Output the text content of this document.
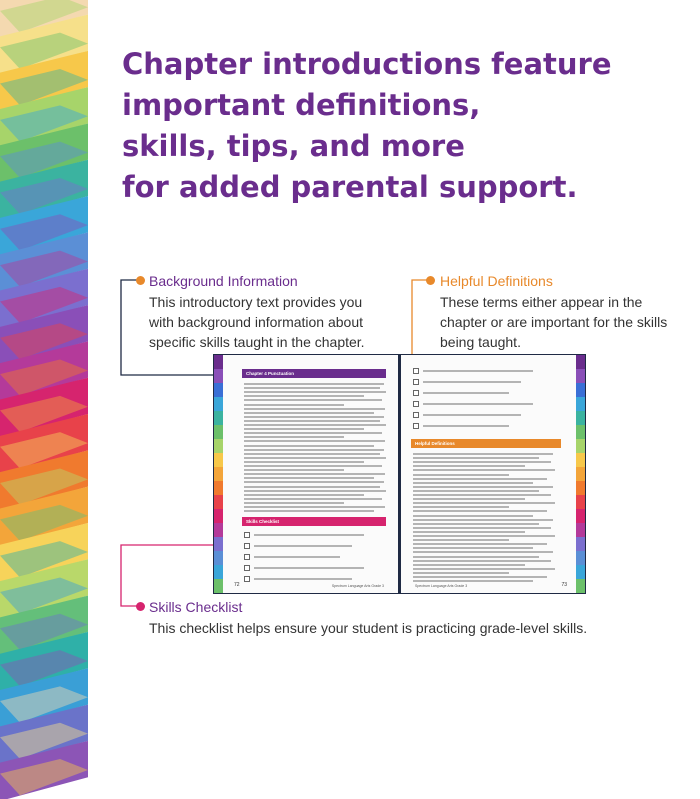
Chapter introductions feature
important definitions,
skills, tips, and more
for added parental support.
Background Information
This introductory text provides you
with background information about
specific skills taught in the chapter.
Helpful Definitions
These terms either appear in the
chapter or are important for the skills
being taught.
Skills Checklist
This checklist helps ensure your student is practicing grade-level skills.
Chapter 4 Punctuation
Skills Checklist
72	Spectrum Language Arts Grade 3
Helpful Definitions
73
Spectrum Language Arts Grade 3
